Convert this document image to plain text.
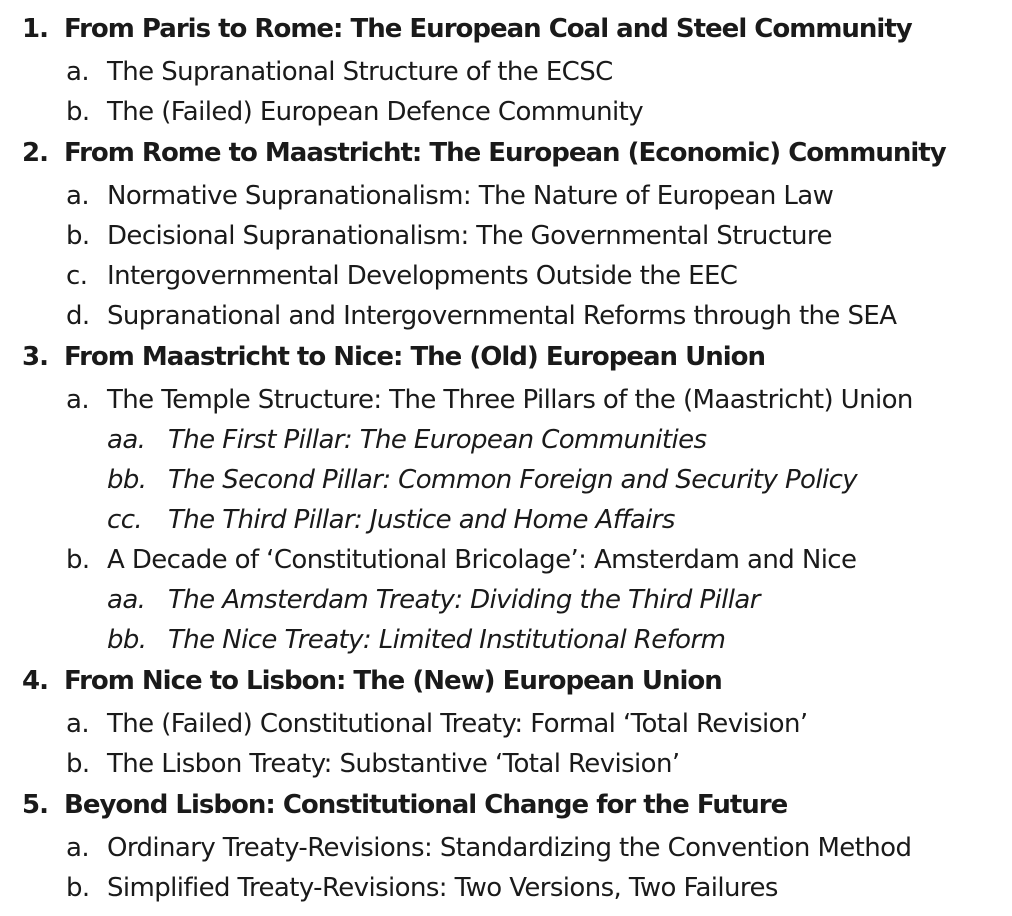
1. From Paris to Rome: The European Coal and Steel Community
a. The Supranational Structure of the ECSC
b. The (Failed) European Defence Community
2. From Rome to Maastricht: The European (Economic) Community
a. Normative Supranationalism: The Nature of European Law
b. Decisional Supranationalism: The Governmental Structure
c. Intergovernmental Developments Outside the EEC
d. Supranational and Intergovernmental Reforms through the SEA
3. From Maastricht to Nice: The (Old) European Union
a. The Temple Structure: The Three Pillars of the (Maastricht) Union
aa. The First Pillar: The European Communities
bb. The Second Pillar: Common Foreign and Security Policy
cc. The Third Pillar: Justice and Home Affairs
b. A Decade of ‘Constitutional Bricolage’: Amsterdam and Nice
aa. The Amsterdam Treaty: Dividing the Third Pillar
bb. The Nice Treaty: Limited Institutional Reform
4. From Nice to Lisbon: The (New) European Union
a. The (Failed) Constitutional Treaty: Formal ‘Total Revision’
b. The Lisbon Treaty: Substantive ‘Total Revision’
5. Beyond Lisbon: Constitutional Change for the Future
a. Ordinary Treaty-Revisions: Standardizing the Convention Method
b. Simplified Treaty-Revisions: Two Versions, Two Failures
